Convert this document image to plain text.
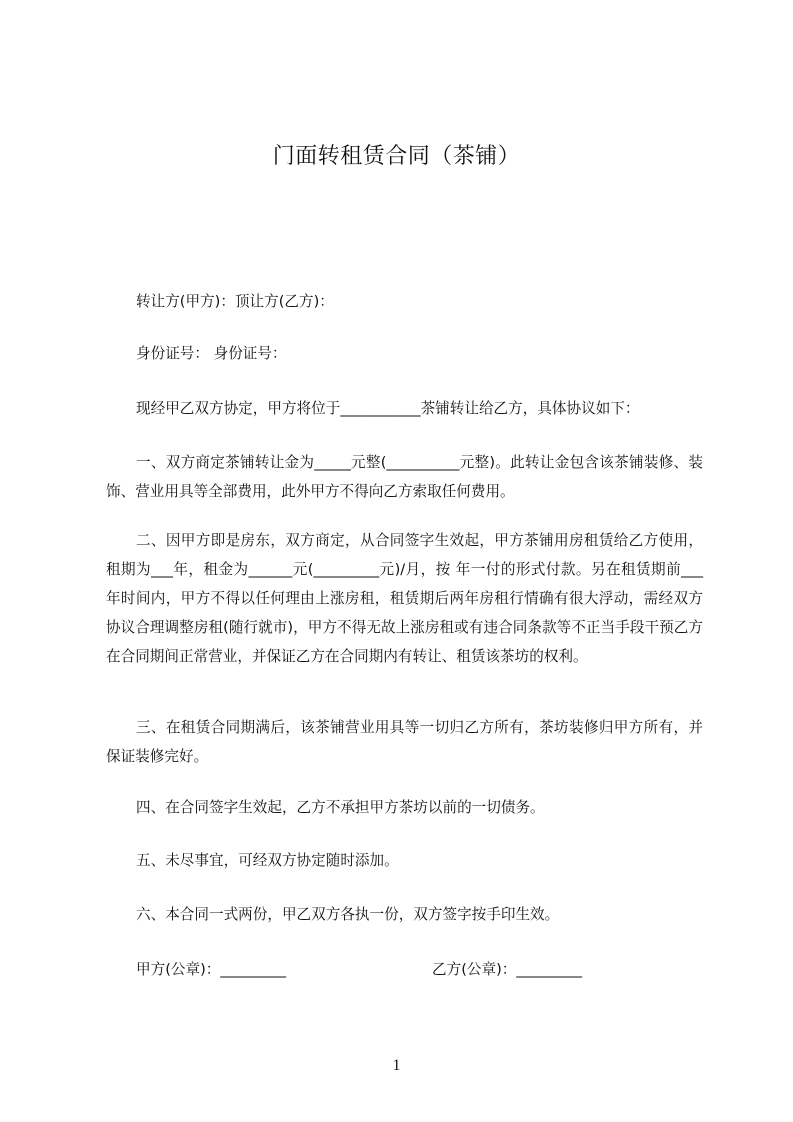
门面转租赁合同（茶铺）
转让方(甲方)：顶让方(乙方)：
身份证号： 身份证号：
现经甲乙双方协定，甲方将位于___________茶铺转让给乙方，具体协议如下：
一、双方商定茶铺转让金为_____元整(__________元整)。此转让金包含该茶铺装修、装饰、营业用具等全部费用，此外甲方不得向乙方索取任何费用。
二、因甲方即是房东，双方商定，从合同签字生效起，甲方茶铺用房租赁给乙方使用，租期为___年，租金为______元(_________元)/月，按 年一付的形式付款。另在租赁期前___年时间内，甲方不得以任何理由上涨房租，租赁期后两年房租行情确有很大浮动，需经双方协议合理调整房租(随行就市)，甲方不得无故上涨房租或有违合同条款等不正当手段干预乙方在合同期间正常营业，并保证乙方在合同期内有转让、租赁该茶坊的权利。
三、在租赁合同期满后，该茶铺营业用具等一切归乙方所有，茶坊装修归甲方所有，并保证装修完好。
四、在合同签字生效起，乙方不承担甲方茶坊以前的一切债务。
五、未尽事宜，可经双方协定随时添加。
六、本合同一式两份，甲乙双方各执一份，双方签字按手印生效。
甲方(公章)：_________	乙方(公章)：_________
1
